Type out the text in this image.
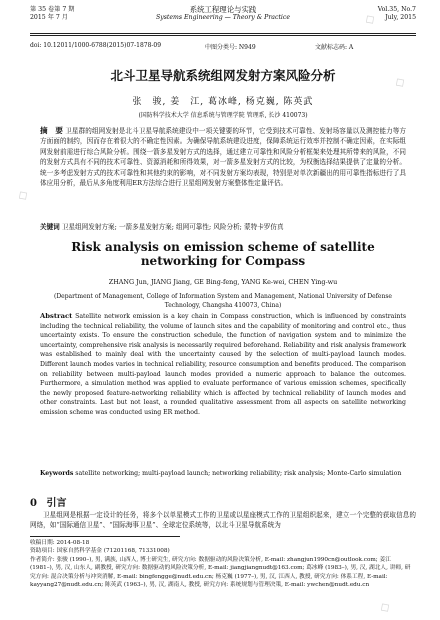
第 35 卷第 7 期
2015 年 7 月
系统工程理论与实践
Systems Engineering — Theory & Practice
Vol.35, No.7
July, 2015
doi: 10.12011/1000-6788(2015)07-1878-09	中图分类号: N949	文献标志码: A
北斗卫星导航系统组网发射方案风险分析
张　骏, 姜　江, 葛冰峰, 杨克巍, 陈英武
(国防科学技术大学 信息系统与管理学院 管理系, 长沙 410073)
摘　要 卫星群的组网发射是北斗卫星导航系统建设中一项关键要的环节，它受到技术可靠性、发射场容量以及测控能力等方方面面的制约，因而存在着很大的不确定性因素。为确保导航系统建设进度，保障系统运行效率并控制不确定因素，在实际组网发射前需进行综合风险分析。围绕一箭多星发射方式的选择，通过建立可靠性和风险分析框架来处理其所带来的风险，不同的发射方式具有不同的技术可靠性、资源消耗和所得效果，对一箭多星发射方式的比较，为权衡选择结果提供了定量的分析。统一多考虑发射方式的技术可靠性和其他约束的影响，对不同发射方案均表现，特别是对单次新疆出的用可靠性指标进行了具体应用分析，最后从多角度利用ER方法综合进行卫星组网发射方案整体性定量评估。
关键词 卫星组网发射方案; 一箭多星发射方案; 组网可靠性; 风险分析; 蒙特卡罗仿真
Risk analysis on emission scheme of satellite networking for Compass
ZHANG Jun, JIANG Jiang, GE Bing-feng, YANG Ke-wei, CHEN Ying-wu
(Department of Management, College of Information System and Management, National University of Defense Technology, Changsha 410073, China)
Abstract Satellite network emission is a key chain in Compass construction, which is influenced by constraints including the technical reliability, the volume of launch sites and the capability of monitoring and control etc., thus uncertainty exists. To ensure the construction schedule, the function of navigation system and to minimize the uncertainty, comprehensive risk analysis is necessarily required beforehand. Reliability and risk analysis framework was established to mainly deal with the uncertainty caused by the selection of multi-payload launch modes. Different launch modes varies in technical reliability, resource consumption and benefits produced. The comparison on reliability between multi-payload launch modes provided a numeric approach to balance the outcomes. Furthermore, a simulation method was applied to evaluate performance of various emission schemes, specifically the newly proposed feature-networking reliability which is affected by technical reliability of launch modes and other constraints. Last but not least, a rounded qualitative assessment from all aspects on satellite networking emission scheme was conducted using ER method.
Keywords satellite networking; multi-payload launch; networking reliability; risk analysis; Monte-Carlo simulation
0 引言
卫星组网是根据一定设计的任务，将多个以单星模式工作的卫星或以星座模式工作的卫星组织起来，建立一个完整的获取信息的网络，如“国际通信卫星”、“国际海事卫星”、全球定位系统等，以北斗卫星导航系统为
收稿日期: 2014-08-18
资助项目: 国家自然科学基金 (71201168, 71331008)
作者简介: 张骏 (1990–), 男, 满族, 山西人, 博士研究生, 研究方向: 数据驱动的风险决策分析, E-mail: zhangjun1990cn@outlook.com; 姜江 (1981–), 男, 汉, 山东人, 副教授, 研究方向: 数据驱动的风险决策分析, E-mail: jiangjiangnudt@163.com; 葛冰峰 (1983–), 男, 汉, 湖北人, 讲师, 研究方向: 混合决策分析与冲突消解, E-mail: bingfengge@nudt.edu.cn; 杨克巍 (1977–), 男, 汉, 江西人, 教授, 研究方向: 体系工程, E-mail: kayyang27@nudt.edu.cn; 陈英武 (1963–), 男, 汉, 湖南人, 教授, 研究方向: 系统规划与管理决策, E-mail: ywchen@nudt.edu.cn
◇
◇
◇
◇
